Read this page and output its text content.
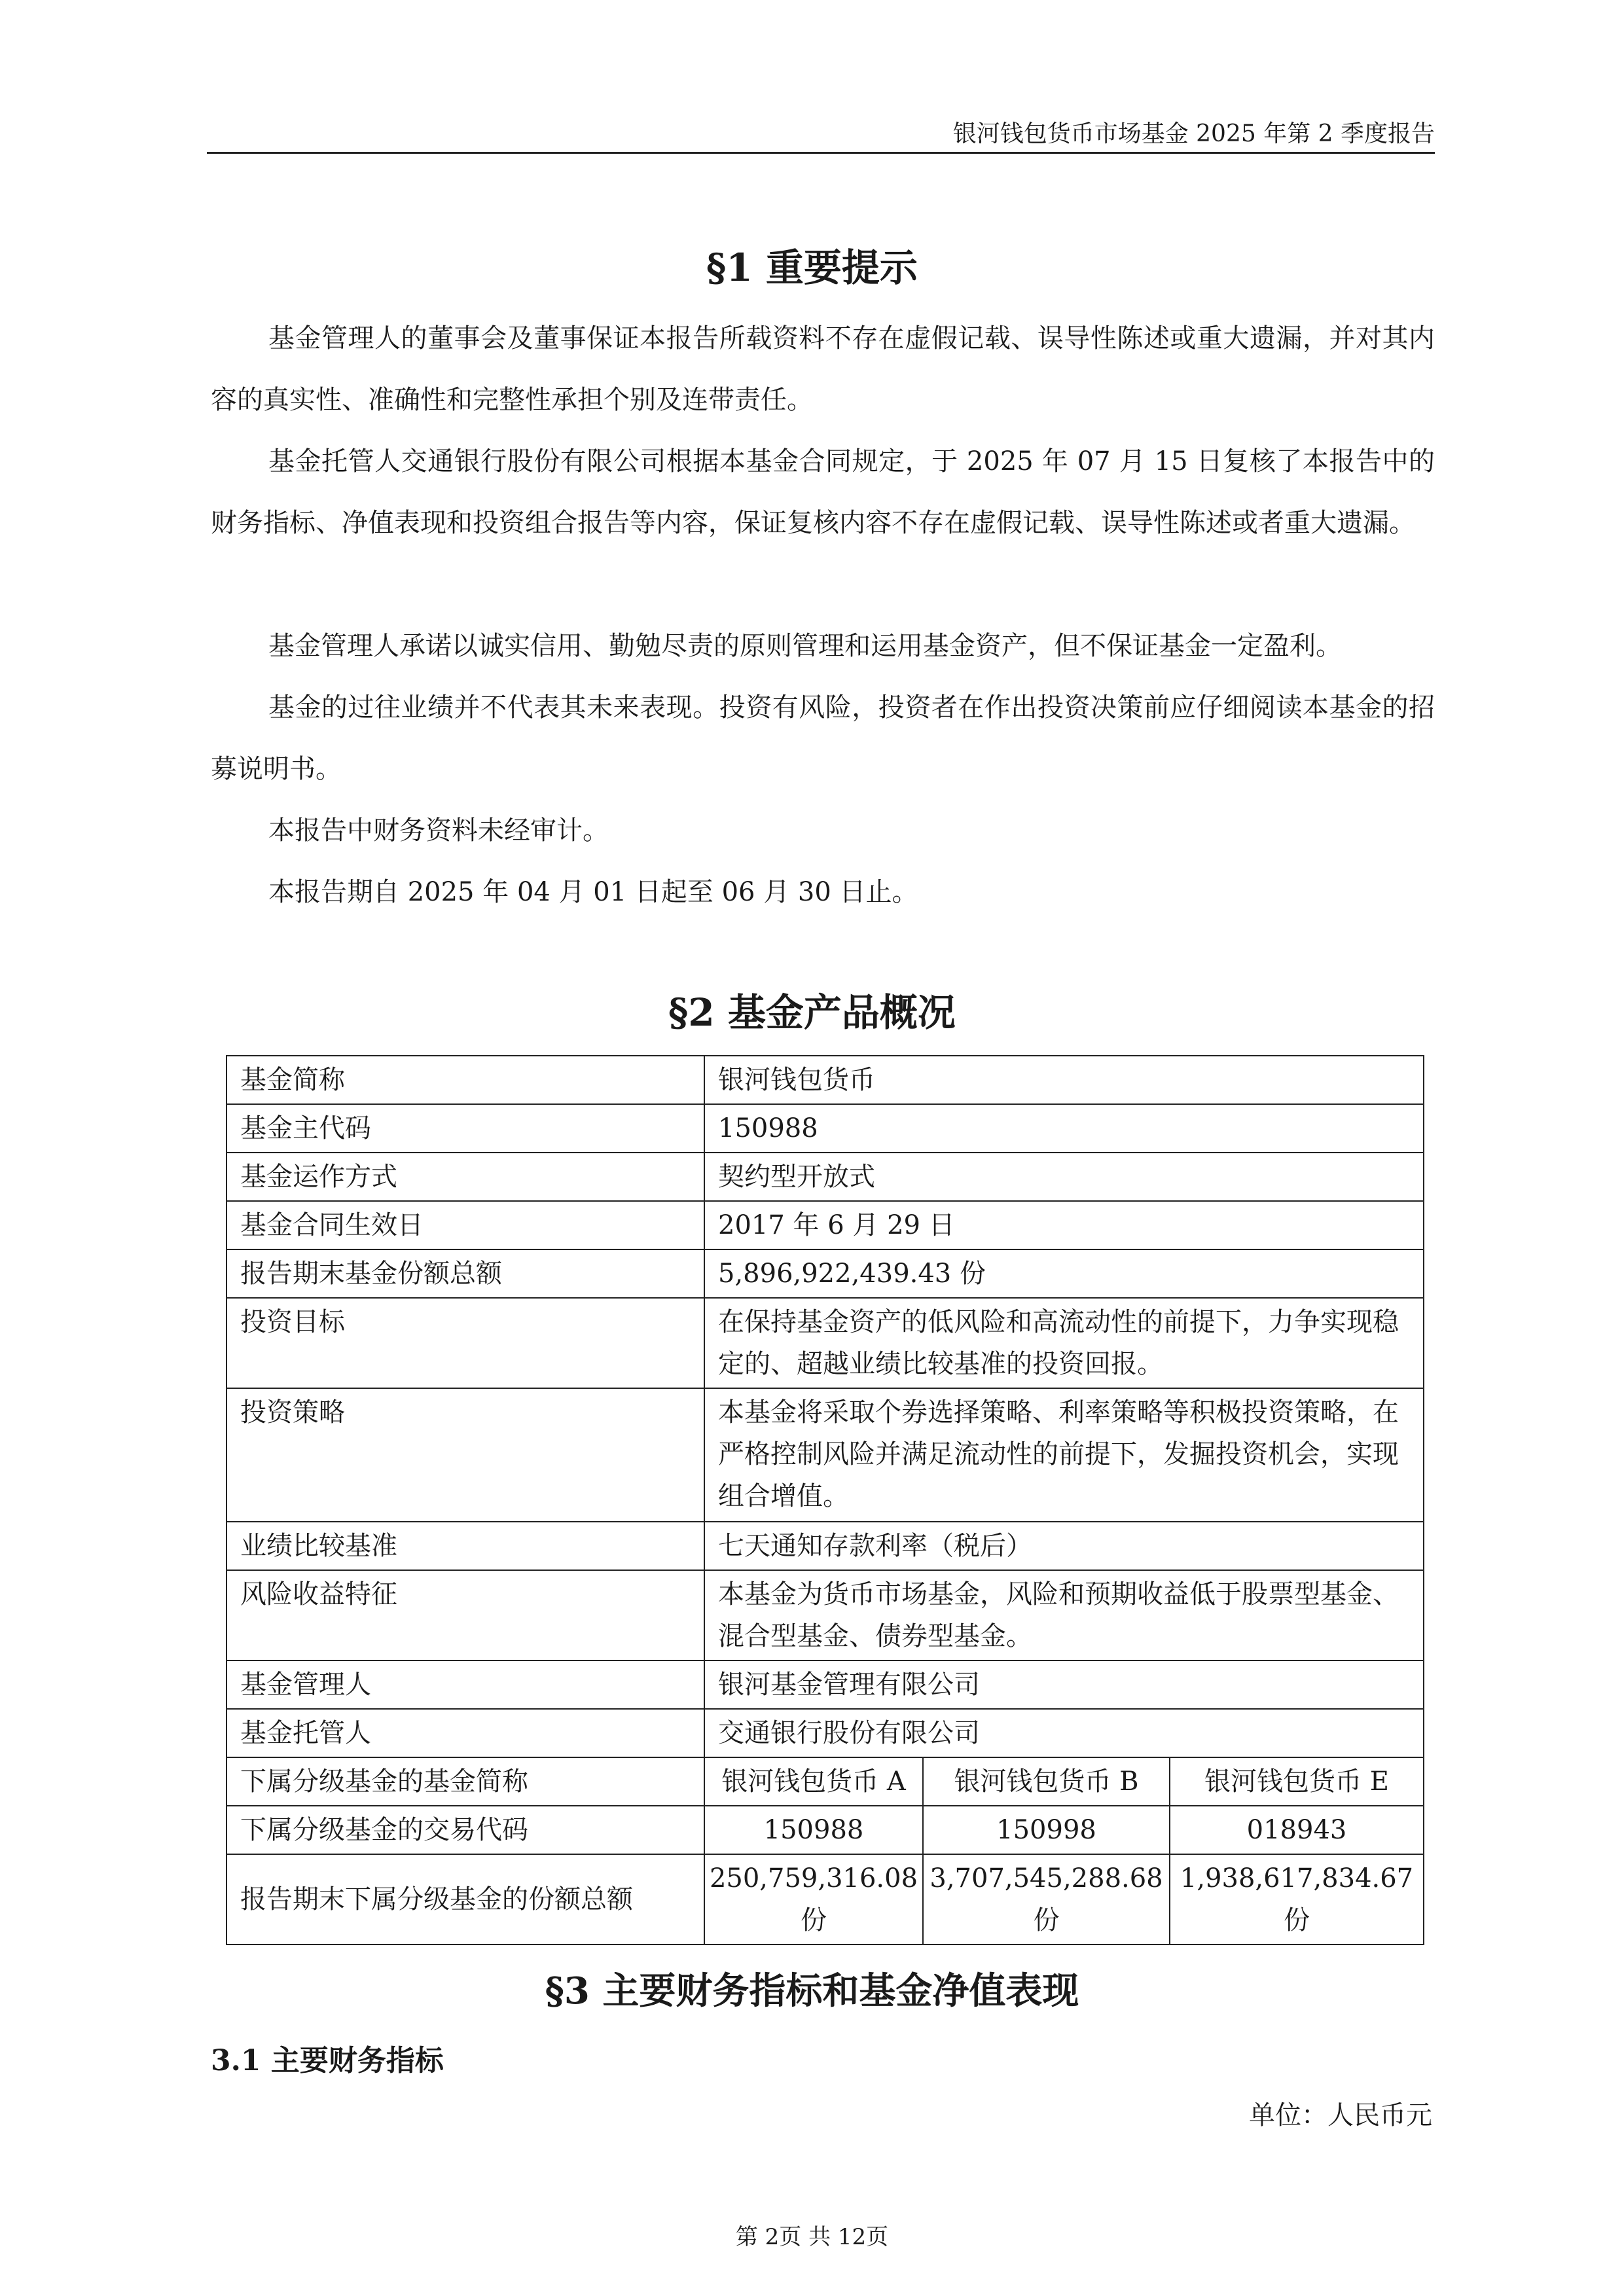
银河钱包货币市场基金 2025 年第 2 季度报告
§1 重要提示

基金管理人的董事会及董事保证本报告所载资料不存在虚假记载、误导性陈述或重大遗漏，并对其内容的真实性、准确性和完整性承担个别及连带责任。

基金托管人交通银行股份有限公司根据本基金合同规定，于 2025 年 07 月 15 日复核了本报告中的财务指标、净值表现和投资组合报告等内容，保证复核内容不存在虚假记载、误导性陈述或者重大遗漏。

基金管理人承诺以诚实信用、勤勉尽责的原则管理和运用基金资产，但不保证基金一定盈利。

基金的过往业绩并不代表其未来表现。投资有风险，投资者在作出投资决策前应仔细阅读本基金的招募说明书。

本报告中财务资料未经审计。

本报告期自 2025 年 04 月 01 日起至 06 月 30 日止。

§2 基金产品概况
基金简称	银河钱包货币		
基金主代码	150988		
基金运作方式	契约型开放式		
基金合同生效日	2017 年 6 月 29 日		
报告期末基金份额总额	5,896,922,439.43 份		
投资目标	在保持基金资产的低风险和高流动性的前提下，力争实现稳定的、超越业绩比较基准的投资回报。		
投资策略	本基金将采取个券选择策略、利率策略等积极投资策略，在严格控制风险并满足流动性的前提下，发掘投资机会，实现组合增值。		
业绩比较基准	七天通知存款利率（税后）		
风险收益特征	本基金为货币市场基金，风险和预期收益低于股票型基金、混合型基金、债券型基金。		
基金管理人	银河基金管理有限公司		
基金托管人	交通银行股份有限公司		
下属分级基金的基金简称	银河钱包货币 A	银河钱包货币 B	银河钱包货币 E
下属分级基金的交易代码	150988	150998	018943
报告期末下属分级基金的份额总额	250,759,316.08 份	3,707,545,288.68 份	1,938,617,834.67 份
§3 主要财务指标和基金净值表现
3.1 主要财务指标
单位：人民币元
第 2页 共 12页
